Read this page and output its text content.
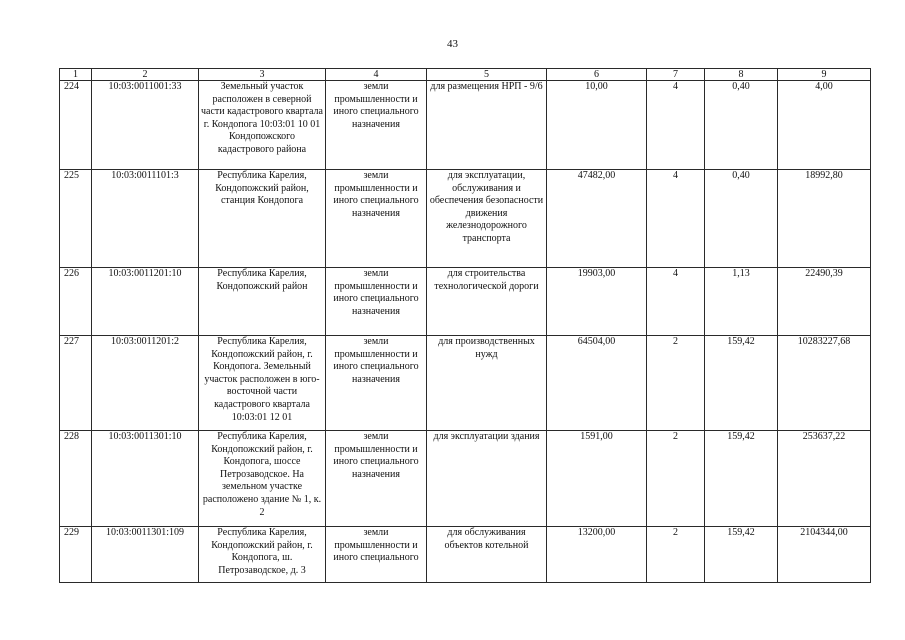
43
1	2	3	4	5	6	7	8	9
224	10:03:0011001:33	Земельный участок расположен в северной части кадастрового квартала г. Кондопога 10:03:01 10 01 Кондопожского кадастрового района	земли промышленности и иного специального назначения	для размещения НРП - 9/6	10,00	4	0,40	4,00
225	10:03:0011101:3	Республика Карелия, Кондопожский район, станция Кондопога	земли промышленности и иного специального назначения	для эксплуатации, обслуживания и обеспечения безопасности движения железнодорожного транспорта	47482,00	4	0,40	18992,80
226	10:03:0011201:10	Республика Карелия, Кондопожский район	земли промышленности и иного специального назначения	для строительства технологической дороги	19903,00	4	1,13	22490,39
227	10:03:0011201:2	Республика Карелия, Кондопожский район, г. Кондопога. Земельный участок расположен в юго-восточной части кадастрового квартала 10:03:01 12 01	земли промышленности и иного специального назначения	для производственных нужд	64504,00	2	159,42	10283227,68
228	10:03:0011301:10	Республика Карелия, Кондопожский район, г. Кондопога, шоссе Петрозаводское. На земельном участке расположено здание № 1, к. 2	земли промышленности и иного специального назначения	для эксплуатации здания	1591,00	2	159,42	253637,22
229	10:03:0011301:109	Республика Карелия, Кондопожский район, г. Кондопога, ш. Петрозаводское, д. 3	земли промышленности и иного специального	для обслуживания объектов котельной	13200,00	2	159,42	2104344,00
